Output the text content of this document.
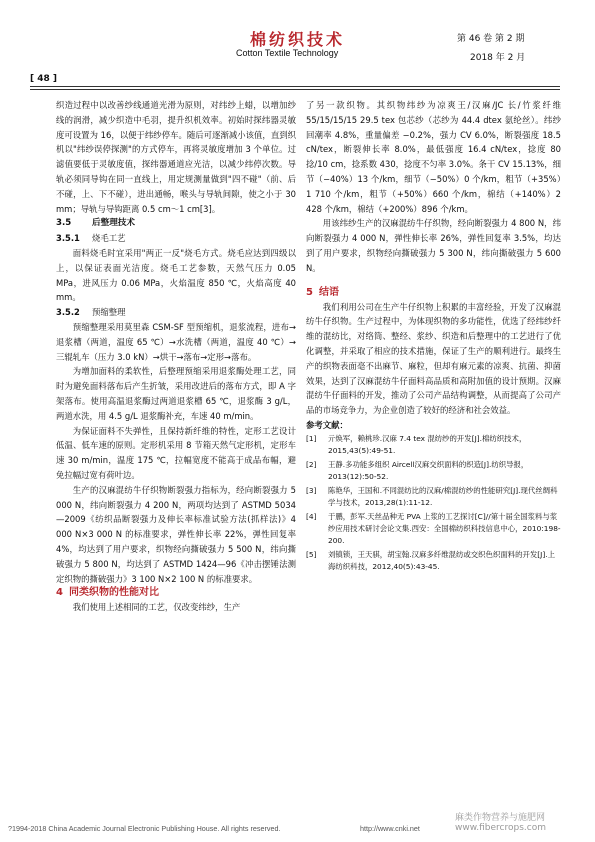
[ 48 ]
棉纺织技术
Cotton Textile Technology
第 46 卷 第 2 期
2018 年 2 月

织造过程中以改善纱线通道光滑为原则，对纬纱上蜡，以增加纱线的润滑，减少织造中毛羽，提升织机效率。初始时探纬器灵敏度可设置为 16，以便于纬纱停车。随后可逐渐减小该值，直到织机以"纬纱误停探测"的方式停车，再将灵敏度增加 3 个单位。过滤值要低于灵敏度值，探纬器通道应光洁，以减少纬停次数。导轨必须同导钩在同一直线上，用定规测量做到"四不碰"（前、后不碰，上、下不碰），进出通畅，喉头与导轨间隙，使之小于 30 mm；导轨与导钩距离 0.5 cm～1 cm[3]。

3.5 后整理技术

3.5.1 烧毛工艺

面料烧毛时宜采用"两正一反"烧毛方式。烧毛应达到四级以上，以保证表面光洁度。烧毛工艺参数，天然气压力 0.05 MPa，进风压力 0.06 MPa，火焰温度 850 ℃，火焰高度 40 mm。

3.5.2 预缩整理

预缩整理采用莫里森 CSM-SF 型预缩机，退浆流程，进布→退浆槽（两道，温度 65 ℃）→水洗槽（两道，温度 40 ℃）→三辊轧车（压力 3.0 kN）→烘干→落布→定形→落布。

为增加面料的柔软性，后整理预缩采用退浆酶处理工艺，同时为避免面料落布后产生折皱，采用改进后的落布方式，即 A 字架落布。使用高温退浆酶过两道退浆槽 65 ℃，退浆酶 3 g/L，两道水洗，用 4.5 g/L 退浆酶补充，车速 40 m/min。

为保证面料不失弹性，且保持新纤维的特性，定形工艺设计低温、低车速的原则。定形机采用 8 节箱天然气定形机，定形车速 30 m/min，温度 175 ℃，拉幅宽度不能高于成品布幅，避免拉幅过宽有荷叶边。

生产的汉麻混纺牛仔织物断裂强力指标为，经向断裂强力 5 000 N，纬向断裂强力 4 200 N，两项均达到了 ASTMD 5034—2009《纺织品断裂强力及伸长率标准试验方法(抓样法)》4 000 N×3 000 N 的标准要求，弹性伸长率 22%，弹性回复率 4%，均达到了用户要求，织物经向撕破强力 5 500 N，纬向撕破强力 5 800 N，均达到了 ASTMD 1424—96《冲击摆锤法测定织物的撕破强力》3 100 N×2 100 N 的标准要求。

4 同类织物的性能对比

我们使用上述相同的工艺，仅改变纬纱，生产

了另一款织物。其织物纬纱为凉爽王/汉麻/JC 长/竹浆纤维 55/15/15/15 29.5 tex 包芯纱（芯纱为 44.4 dtex 氨纶丝）。纬纱回潮率 4.8%，重量偏差 −0.2%，强力 CV 6.0%，断裂强度 18.5 cN/tex，断裂伸长率 8.0%，最低强度 16.4 cN/tex，捻度 80 捻/10 cm，捻系数 430，捻度不匀率 3.0%。条干 CV 15.13%，细节（−40%）13 个/km，细节（−50%）0 个/km，粗节（+35%）1 710 个/km，粗节（+50%）660 个/km，棉结（+140%）2 428 个/km，棉结（+200%）896 个/km。

用该纬纱生产的汉麻混纺牛仔织物，经向断裂强力 4 800 N，纬向断裂强力 4 000 N，弹性伸长率 26%，弹性回复率 3.5%，均达到了用户要求，织物经向撕破强力 5 300 N，纬向撕破强力 5 600 N。

5 结语

我们利用公司在生产牛仔织物上积累的丰富经验，开发了汉麻混纺牛仔织物。生产过程中，为体现织物的多功能性，优选了经纬纱纤维的混纺比，对络筒、整经、浆纱、织造和后整理中的工艺进行了优化调整，并采取了相应的技术措施，保证了生产的顺利进行。最终生产的织物表面毫不出麻节、麻粒，但却有麻元素的凉爽、抗菌、抑菌效果，达到了汉麻混纺牛仔面料高品质和高附加值的设计预期。汉麻混纺牛仔面料的开发，推动了公司产品结构调整，从而提高了公司产品的市场竞争力，为企业创造了较好的经济和社会效益。

参考文献：

[1]	亓焕军，赖桃珍.汉麻 7.4 tex 混纺纱的开发[J].棉纺织技术，2015,43(5):49-51.
[2]	王静.多功能多组织 Aircell汉麻交织面料的织造[J].纺织导报，2013(12):50-52.
[3]	陈艳华，王国和.不同混纺比的汉麻/棉混纺纱的性能研究[J].现代丝绸科学与技术，2013,28(1):11-12.
[4]	于鹏，彭军.天丝品种无 PVA 上浆的工艺探讨[C]//第十届全国浆料与浆纱应用技术研讨会论文集.西安：全国棉纺织科技信息中心，2010:198-200.
[5]	刘镇锁，王天骐，胡宝翰.汉麻多纤维混纺或交织色织面料的开发[J].上海纺织科技，2012,40(5):43-45.
麻类作物营养与施肥网 www.fibercrops.com
?1994-2018 China Academic Journal Electronic Publishing House. All rights reserved.	http://www.cnki.net
